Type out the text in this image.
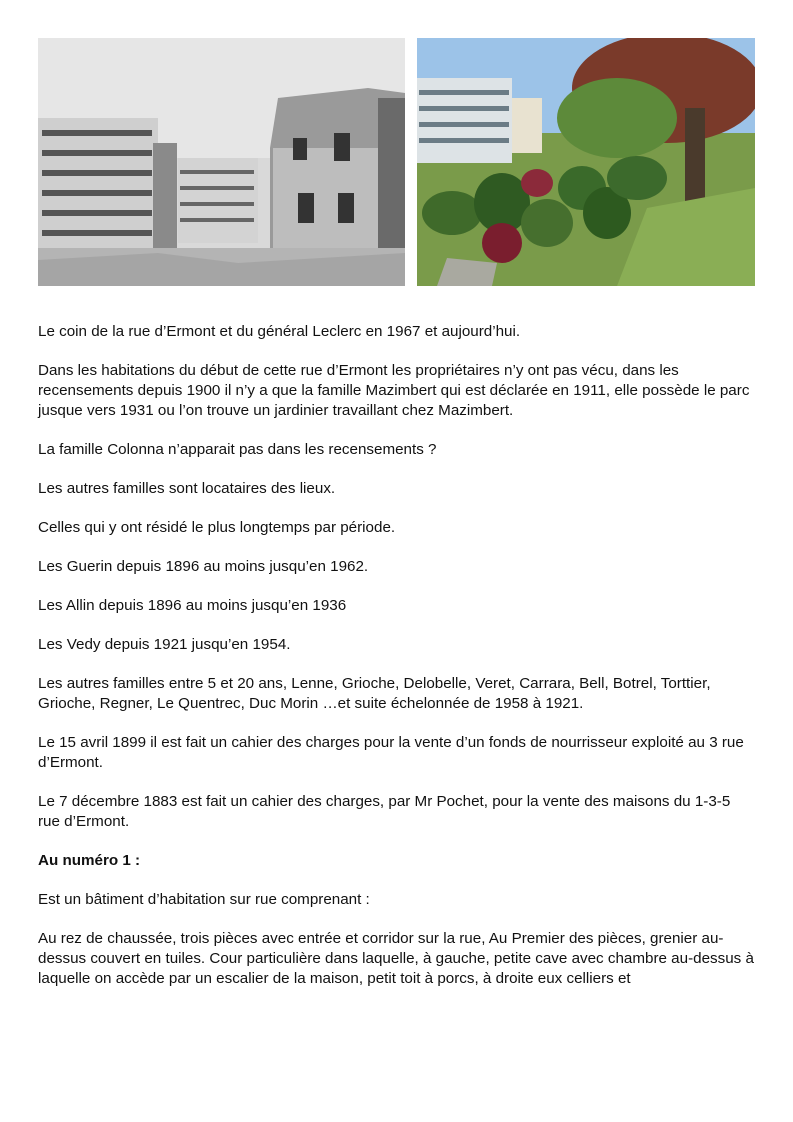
Le coin de la rue d’Ermont et du général Leclerc en 1967 et aujourd’hui.

Dans les habitations du début de cette rue d’Ermont les propriétaires n’y ont pas vécu, dans les recensements depuis 1900 il n’y a que la famille Mazimbert qui est déclarée en 1911, elle possède le parc jusque vers 1931 ou l’on trouve un jardinier travaillant chez Mazimbert.

La famille Colonna n’apparait pas dans les recensements ?

Les autres familles sont locataires des lieux.

Celles qui y ont résidé le plus longtemps par période.

Les Guerin depuis 1896 au moins jusqu’en 1962.

Les Allin depuis 1896 au moins jusqu’en 1936

Les Vedy depuis 1921 jusqu’en 1954.

Les autres familles entre 5 et 20 ans, Lenne, Grioche, Delobelle, Veret, Carrara, Bell, Botrel, Torttier, Grioche, Regner, Le Quentrec, Duc Morin …et suite échelonnée de 1958 à 1921.

Le 15 avril 1899 il est fait un cahier des charges pour la vente d’un fonds de nourrisseur exploité au 3 rue d’Ermont.

Le 7 décembre 1883 est fait un cahier des charges, par Mr Pochet, pour la vente des maisons du 1-3-5 rue d’Ermont.

Au numéro 1 :

Est un bâtiment d’habitation sur rue comprenant :

Au rez de chaussée, trois pièces avec entrée et corridor sur la rue, Au Premier des pièces, grenier au-dessus couvert en tuiles. Cour particulière dans laquelle, à gauche, petite cave avec chambre au-dessus à laquelle on accède par un escalier de la maison, petit toit à porcs, à droite eux celliers et
